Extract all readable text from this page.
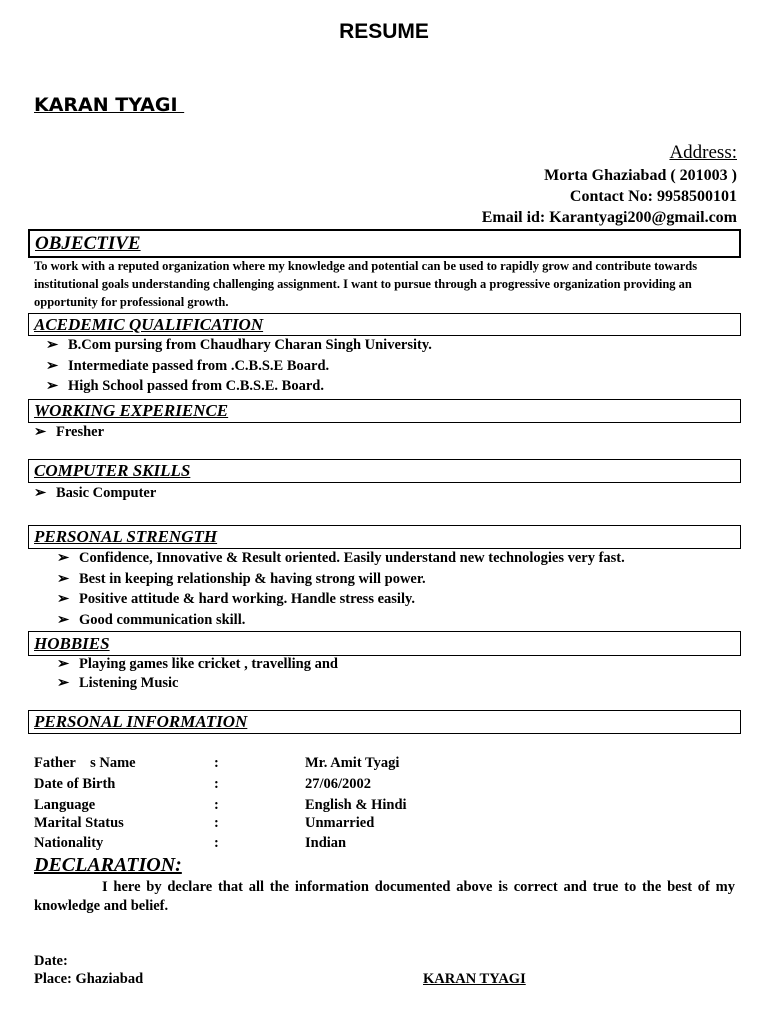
RESUME
KARAN TYAGI
Address:
Morta Ghaziabad ( 201003 )
Contact No: 9958500101
Email id: Karantyagi200@gmail.com
OBJECTIVE
To work with a reputed organization where my knowledge and potential can be used to rapidly grow and contribute towards institutional goals understanding challenging assignment. I want to pursue through a progressive organization providing an opportunity for professional growth.
ACEDEMIC QUALIFICATION
➢ B.Com pursing from Chaudhary Charan Singh University.
➢ Intermediate passed from .C.B.S.E Board.
➢ High School passed from C.B.S.E. Board.
WORKING EXPERIENCE
➢ Fresher
COMPUTER SKILLS
➢ Basic Computer
PERSONAL STRENGTH
➢ Confidence, Innovative & Result oriented. Easily understand new technologies very fast.
➢ Best in keeping relationship & having strong will power.
➢ Positive attitude & hard working. Handle stress easily.
➢ Good communication skill.
HOBBIES
➢ Playing games like cricket , travelling and
➢ Listening Music
PERSONAL INFORMATION
Father    s Name	:	Mr. Amit Tyagi
Date of Birth	:	27/06/2002
Language	:	English & Hindi
Marital Status	:	Unmarried
Nationality	:	Indian
DECLARATION:
I here by declare that all the information documented above is correct and true to the best of my knowledge and belief.
Date:
Place: Ghaziabad	KARAN TYAGI
